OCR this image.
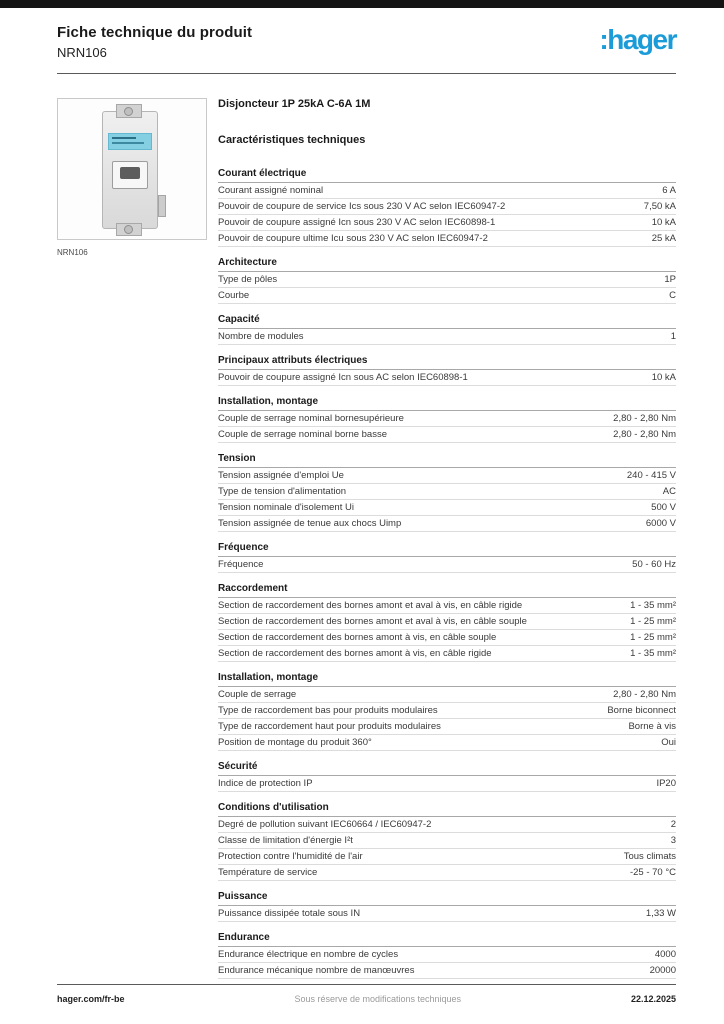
Fiche technique du produit
NRN106	:hager
NRN106
Disjoncteur 1P 25kA C-6A 1M
Caractéristiques techniques
Courant électrique
Courant assigné nominal	6 A
Pouvoir de coupure de service Ics sous 230 V AC selon IEC60947-2	7,50 kA
Pouvoir de coupure assigné Icn sous 230 V AC selon IEC60898-1	10 kA
Pouvoir de coupure ultime Icu sous 230 V AC selon IEC60947-2	25 kA
Architecture
Type de pôles	1P
Courbe	C
Capacité
Nombre de modules	1
Principaux attributs électriques
Pouvoir de coupure assigné Icn sous AC selon IEC60898-1	10 kA
Installation, montage
Couple de serrage nominal bornesupérieure	2,80 - 2,80 Nm
Couple de serrage nominal borne basse	2,80 - 2,80 Nm
Tension
Tension assignée d'emploi Ue	240 - 415 V
Type de tension d'alimentation	AC
Tension nominale d'isolement Ui	500 V
Tension assignée de tenue aux chocs Uimp	6000 V
Fréquence
Fréquence	50 - 60 Hz
Raccordement
Section de raccordement des bornes amont et aval à vis, en câble rigide	1 - 35 mm²
Section de raccordement des bornes amont et aval à vis, en câble souple	1 - 25 mm²
Section de raccordement des bornes amont à vis, en câble souple	1 - 25 mm²
Section de raccordement des bornes amont à vis, en câble rigide	1 - 35 mm²
Installation, montage
Couple de serrage	2,80 - 2,80 Nm
Type de raccordement bas pour produits modulaires	Borne biconnect
Type de raccordement haut pour produits modulaires	Borne à vis
Position de montage du produit 360°	Oui
Sécurité
Indice de protection IP	IP20
Conditions d'utilisation
Degré de pollution suivant IEC60664 / IEC60947-2	2
Classe de limitation d'énergie I²t	3
Protection contre l'humidité de l'air	Tous climats
Température de service	-25 - 70 °C
Puissance
Puissance dissipée totale sous IN	1,33 W
Endurance
Endurance électrique en nombre de cycles	4000
Endurance mécanique nombre de manœuvres	20000
hager.com/fr-be	Sous réserve de modifications techniques	22.12.2025
